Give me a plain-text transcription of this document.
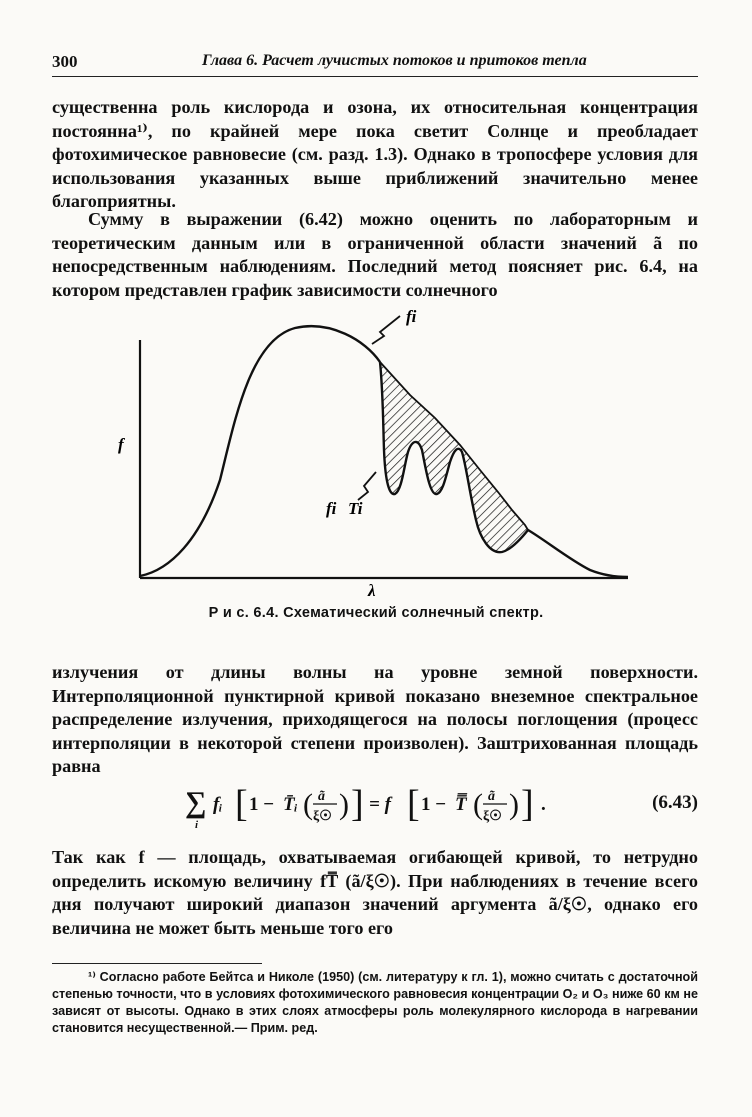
300	Глава 6. Расчет лучистых потоков и притоков тепла

существенна роль кислорода и озона, их относительная концентрация постоянна¹⁾, по крайней мере пока светит Солнце и преобладает фотохимическое равновесие (см. разд. 1.3). Однако в тропосфере условия для использования указанных выше приближений значительно менее благоприятны.

Сумму в выражении (6.42) можно оценить по лабораторным и теоретическим данным или в ограниченной области значений ã по непосредственным наблюдениям. Последний метод поясняет рис. 6.4, на котором представлен график зависимости солнечного

fi
fi Ti
f
λ
Р и с. 6.4. Схематический солнечный спектр.

излучения от длины волны на уровне земной поверхности. Интерполяционной пунктирной кривой показано внеземное спектральное распределение излучения, приходящегося на полосы поглощения (процесс интерполяции в некоторой степени произволен). Заштрихованная площадь равна

∑
i
fᵢ [ 1 − T̄ᵢ ( ã
ξ☉ ) ] = f [ 1 − T̿ ( ã
ξ☉ ) ] .	(6.43)

Так как f — площадь, охватываемая огибающей кривой, то нетрудно определить искомую величину fT̿ (ã/ξ☉). При наблюдениях в течение всего дня получают широкий диапазон значений аргумента ã/ξ☉, однако его величина не может быть меньше того его

¹⁾ Согласно работе Бейтса и Николе (1950) (см. литературу к гл. 1), можно считать с достаточной степенью точности, что в условиях фотохимического равновесия концентрации O₂ и O₃ ниже 60 км не зависят от высоты. Однако в этих слоях атмосферы роль молекулярного кислорода в нагревании становится несущественной.— Прим. ред.
